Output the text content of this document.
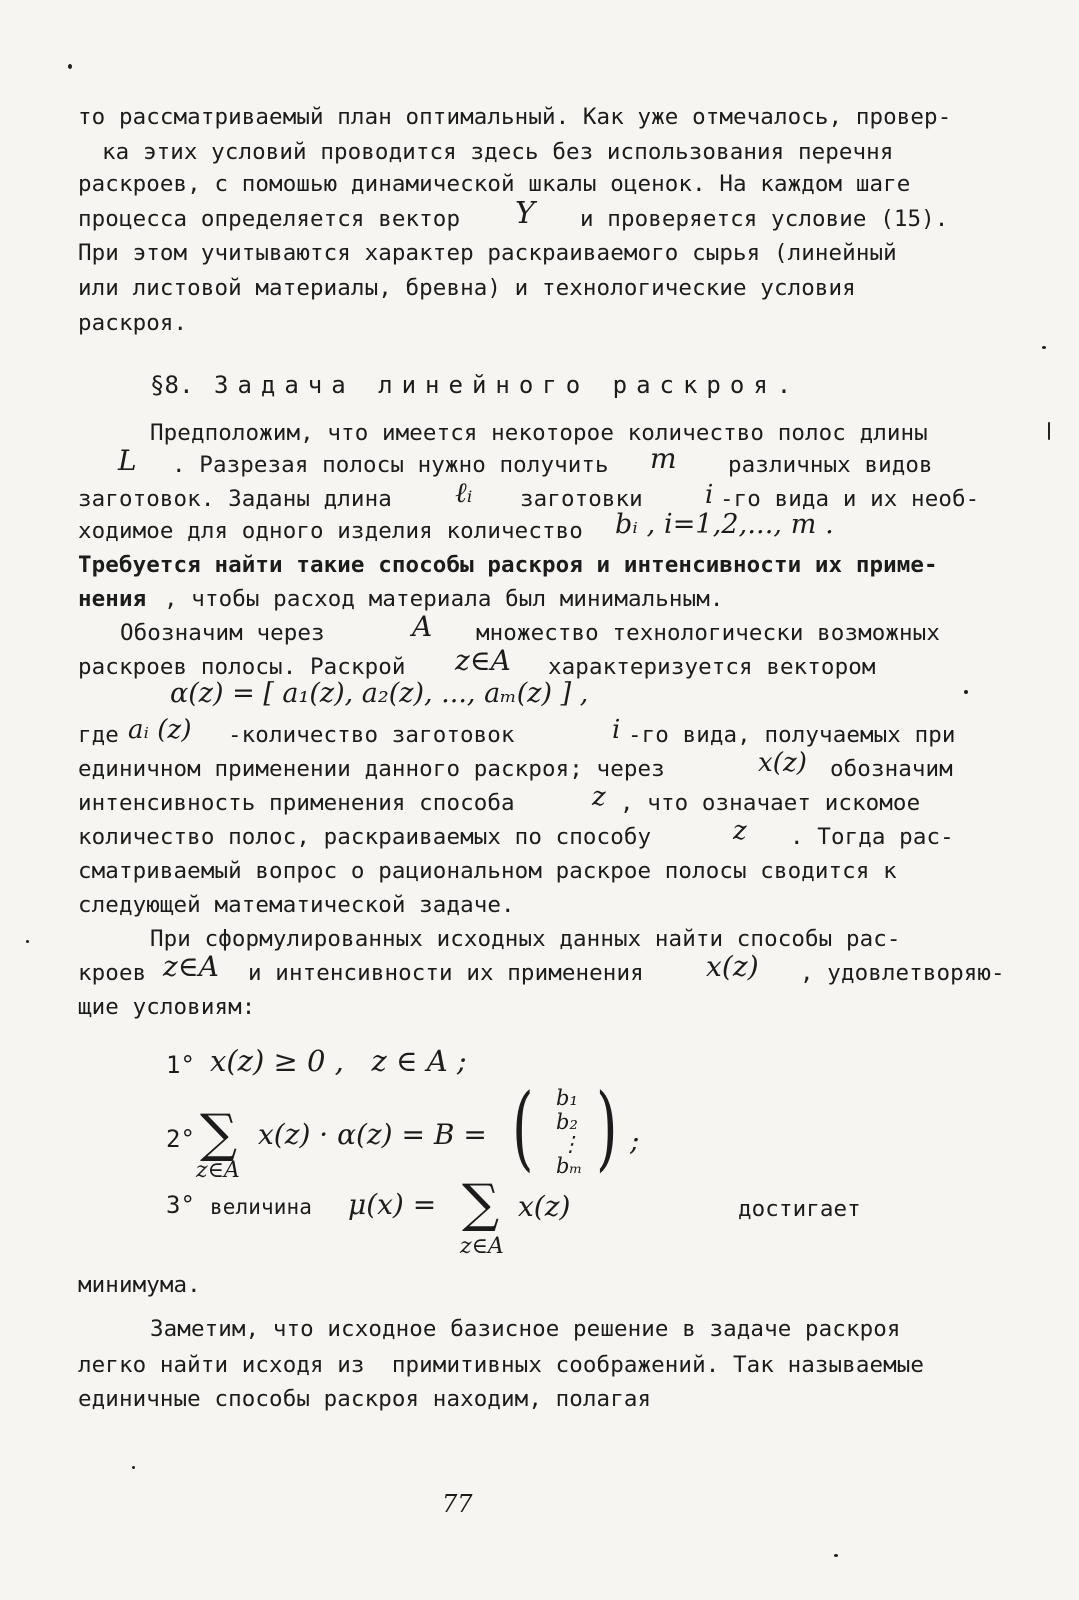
то рассматриваемый план оптимальный. Как уже отмечалось, провер-
ка этих условий проводится здесь без использования перечня
раскроев, с помошью динамической шкалы оценок. На каждом шаге
процесса определяется вектор Y и проверяется условие (15).
При этом учитываются характер раскраиваемого сырья (линейный
или листовой материалы, бревна) и технологические условия
раскроя.
§8. Задача линейного раскроя.
Предположим, что имеется некоторое количество полос длины
L . Разрезая полосы нужно получить m различных видов
заготовок. Заданы длина ℓᵢ заготовки i -го вида и их необ-
ходимое для одного изделия количество bᵢ , i=1,2,..., m .
Требуется найти такие способы раскроя и интенсивности их приме-
нения , чтобы расход материала был минимальным.
Обозначим через	A множество технологически возможных
раскроев полосы. Раскрой z∈A характеризуется вектором
α(z) = [ a₁(z), a₂(z), ..., aₘ(z) ] ,
где aᵢ (z) -количество заготовок	i -го вида, получаемых при
единичном применении данного раскроя; через	x(z) обозначим
интенсивность применения способа	z , что означает искомое
количество полос, раскраиваемых по способу	z . Тогда рас-
сматриваемый вопрос о рациональном раскрое полосы сводится к
следующей математической задаче.
При сформулированных исходных данных найти способы рас-
кроев z∈A и интенсивности их применения x(z) , удовлетворяю-
щие условиям:
1° x(z) ≥ 0 ,   z ∈ A ;
2° ∑
z∈A
x(z) · α(z) = B = ( b₁
b₂
⋮
bₘ ) ;
3° величина μ(x) = ∑
z∈A
x(z)	достигает
минимума.
Заметим, что исходное базисное решение в задаче раскроя
легко найти исходя из  примитивных соображений. Так называемые
единичные способы раскроя находим, полагая
77
